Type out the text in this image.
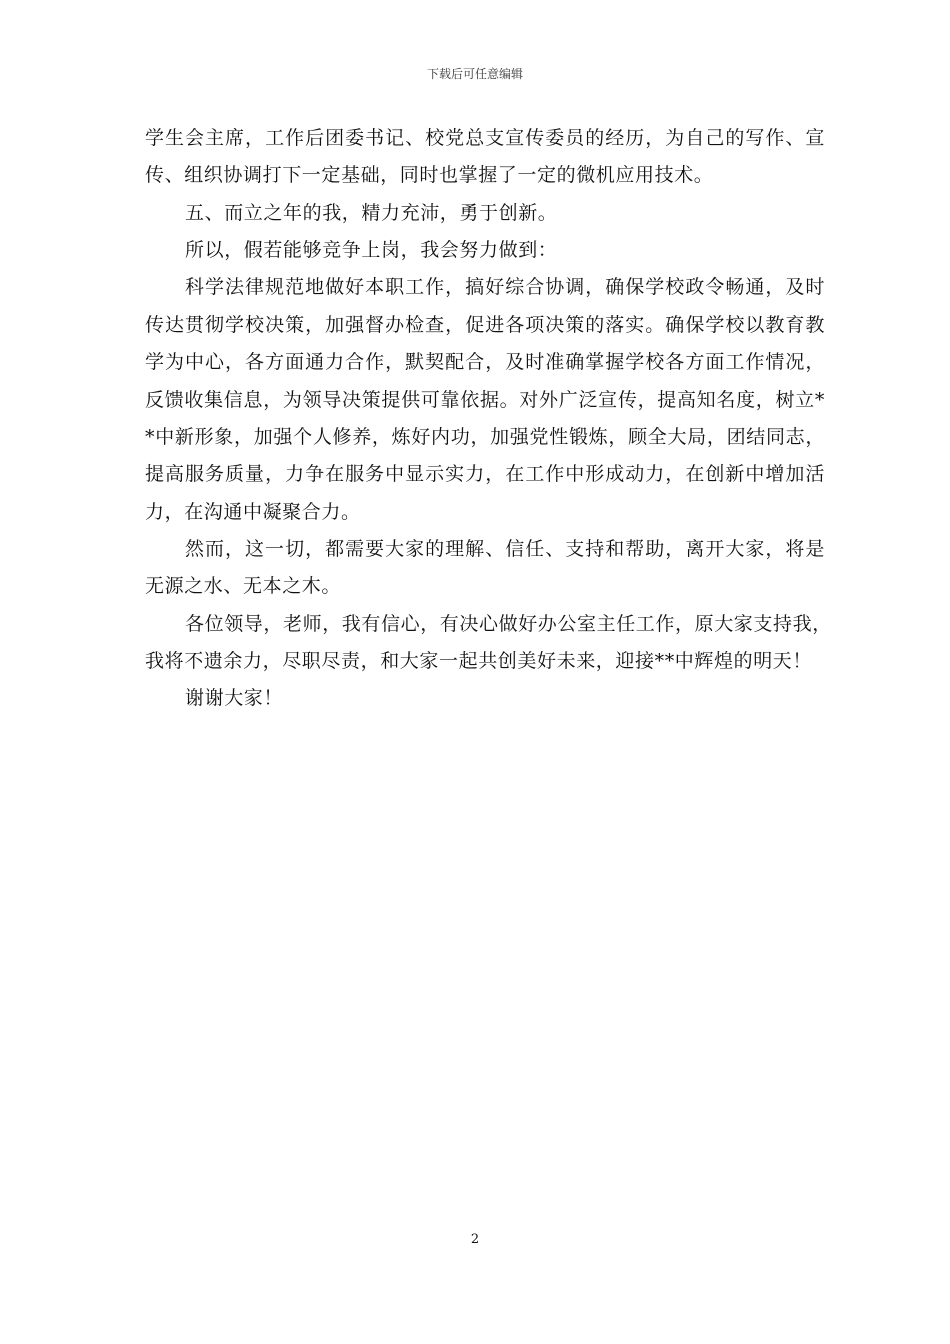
下载后可任意编辑
学生会主席，工作后团委书记、校党总支宣传委员的经历，为自己的写作、宣
传、组织协调打下一定基础，同时也掌握了一定的微机应用技术。
五、而立之年的我，精力充沛，勇于创新。
所以，假若能够竞争上岗，我会努力做到：
科学法律规范地做好本职工作，搞好综合协调，确保学校政令畅通，及时
传达贯彻学校决策，加强督办检查，促进各项决策的落实。确保学校以教育教
学为中心，各方面通力合作，默契配合，及时准确掌握学校各方面工作情况，
反馈收集信息，为领导决策提供可靠依据。对外广泛宣传，提高知名度，树立*
*中新形象，加强个人修养，炼好内功，加强党性锻炼，顾全大局，团结同志，
提高服务质量，力争在服务中显示实力，在工作中形成动力，在创新中增加活
力，在沟通中凝聚合力。
然而，这一切，都需要大家的理解、信任、支持和帮助，离开大家，将是
无源之水、无本之木。
各位领导，老师，我有信心，有决心做好办公室主任工作，原大家支持我，
我将不遗余力，尽职尽责，和大家一起共创美好未来，迎接**中辉煌的明天！
谢谢大家！
2
